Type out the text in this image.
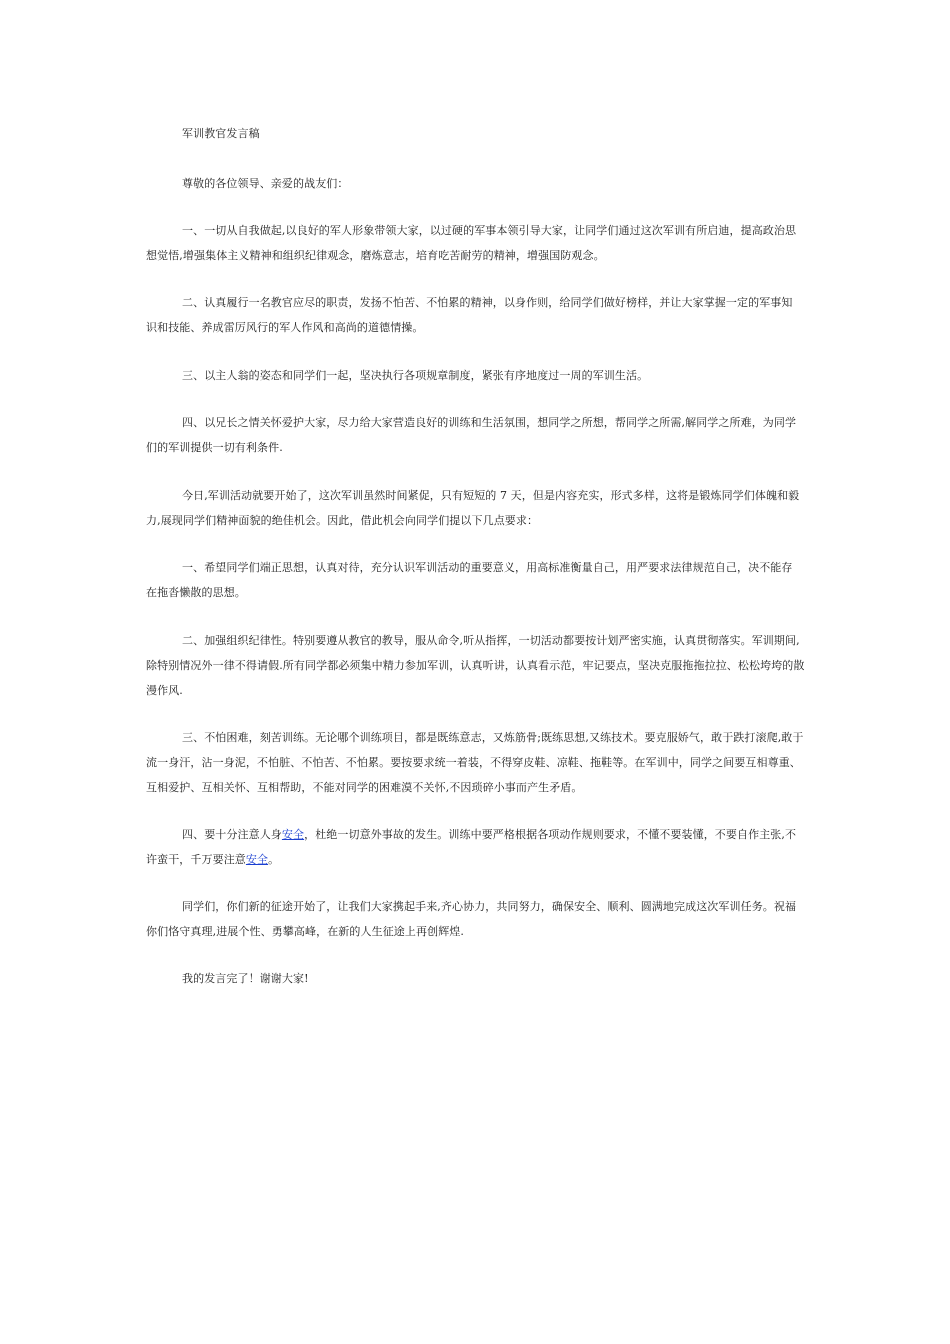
军训教官发言稿
尊敬的各位领导、亲爱的战友们：
一、一切从自我做起,以良好的军人形象带领大家，以过硬的军事本领引导大家，让同学们通过这次军训有所启迪，提高政治思
想觉悟,增强集体主义精神和组织纪律观念，磨炼意志，培育吃苦耐劳的精神，增强国防观念。
二、认真履行一名教官应尽的职责，发扬不怕苦、不怕累的精神，以身作则，给同学们做好榜样，并让大家掌握一定的军事知
识和技能、养成雷厉风行的军人作风和高尚的道德情操。
三、以主人翁的姿态和同学们一起，坚决执行各项规章制度，紧张有序地度过一周的军训生活。
四、以兄长之情关怀爱护大家，尽力给大家营造良好的训练和生活氛围，想同学之所想，帮同学之所需,解同学之所难，为同学
们的军训提供一切有利条件.
今日,军训活动就要开始了，这次军训虽然时间紧促，只有短短的 7 天，但是内容充实，形式多样，这将是锻炼同学们体魄和毅
力,展现同学们精神面貌的绝佳机会。因此，借此机会向同学们提以下几点要求：
一、希望同学们端正思想，认真对待，充分认识军训活动的重要意义，用高标准衡量自己，用严要求法律规范自己，决不能存
在拖沓懒散的思想。
二、加强组织纪律性。特别要遵从教官的教导，服从命令,听从指挥，一切活动都要按计划严密实施，认真贯彻落实。军训期间,
除特别情况外一律不得请假.所有同学都必须集中精力参加军训，认真听讲，认真看示范，牢记要点，坚决克服拖拖拉拉、松松垮垮的散
漫作风.
三、不怕困难，刻苦训练。无论哪个训练项目，都是既练意志，又炼筋骨;既练思想,又练技术。要克服娇气，敢于跌打滚爬,敢于
流一身汗，沾一身泥，不怕脏、不怕苦、不怕累。要按要求统一着装，不得穿皮鞋、凉鞋、拖鞋等。在军训中，同学之间要互相尊重、
互相爱护、互相关怀、互相帮助，不能对同学的困难漠不关怀,不因琐碎小事而产生矛盾。
四、要十分注意人身安全，杜绝一切意外事故的发生。训练中要严格根据各项动作规则要求，不懂不要装懂，不要自作主张,不
许蛮干，千万要注意安全。
同学们，你们新的征途开始了，让我们大家携起手来,齐心协力，共同努力，确保安全、顺利、圆满地完成这次军训任务。祝福
你们恪守真理,进展个性、勇攀高峰，在新的人生征途上再创辉煌.
我的发言完了！谢谢大家!
